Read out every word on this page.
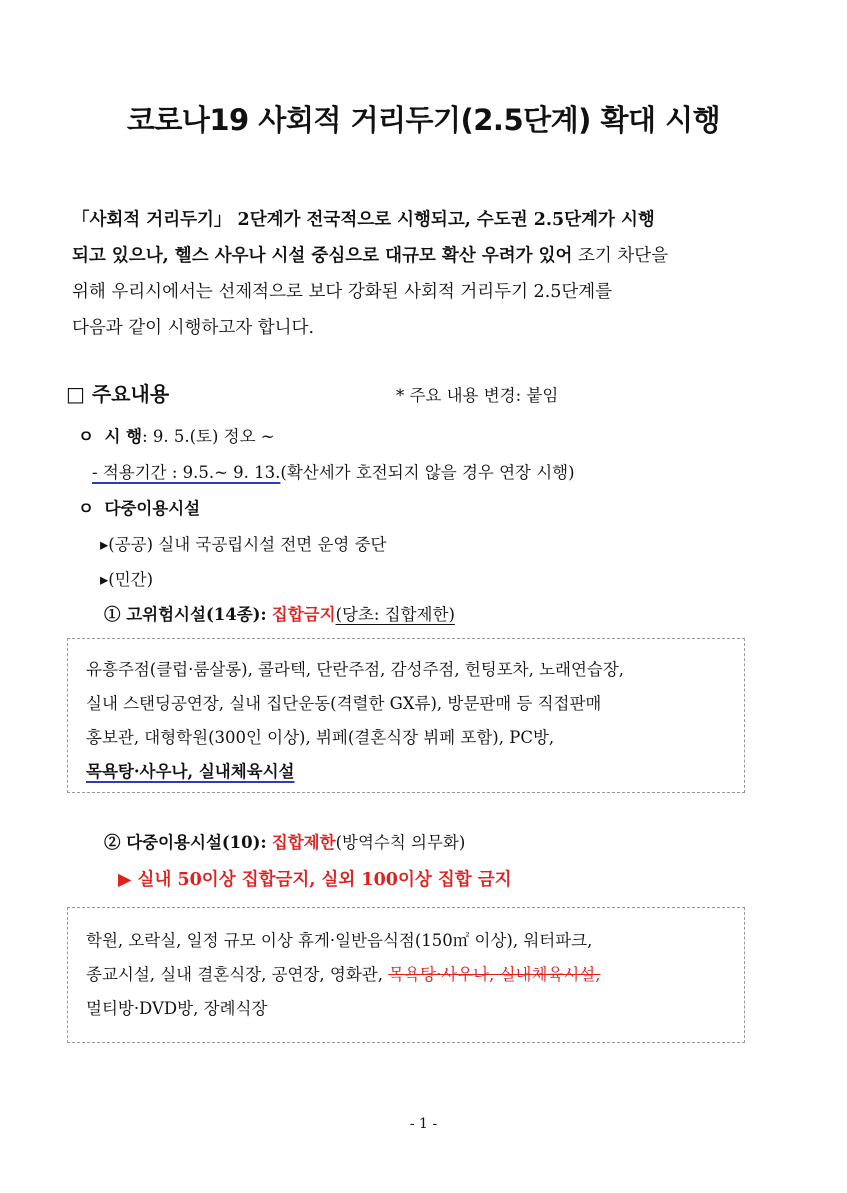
코로나19 사회적 거리두기(2.5단계) 확대 시행
「사회적 거리두기」 2단계가 전국적으로 시행되고, 수도권 2.5단계가 시행
되고 있으나, 헬스 사우나 시설 중심으로 대규모 확산 우려가 있어 조기 차단을
위해 우리시에서는 선제적으로 보다 강화된 사회적 거리두기 2.5단계를
다음과 같이 시행하고자 합니다.
□ 주요내용	* 주요 내용 변경: 붙임
ㅇ 시 행: 9. 5.(토) 정오 ~
- 적용기간 : 9.5.~ 9. 13.(확산세가 호전되지 않을 경우 연장 시행)
ㅇ 다중이용시설
▸(공공) 실내 국공립시설 전면 운영 중단
▸(민간)
① 고위험시설(14종): 집합금지(당초: 집합제한)
유흥주점(클럽·룸살롱), 콜라텍, 단란주점, 감성주점, 헌팅포차, 노래연습장,
실내 스탠딩공연장, 실내 집단운동(격렬한 GX류), 방문판매 등 직접판매
홍보관, 대형학원(300인 이상), 뷔페(결혼식장 뷔페 포함), PC방,
목욕탕·사우나, 실내체육시설
② 다중이용시설(10): 집합제한(방역수칙 의무화)
▶ 실내 50이상 집합금지, 실외 100이상 집합 금지
학원, 오락실, 일정 규모 이상 휴게·일반음식점(150㎡ 이상), 워터파크,
종교시설, 실내 결혼식장, 공연장, 영화관, 목욕탕·사우나, 실내체육시설,
멀티방·DVD방, 장례식장
- 1 -
